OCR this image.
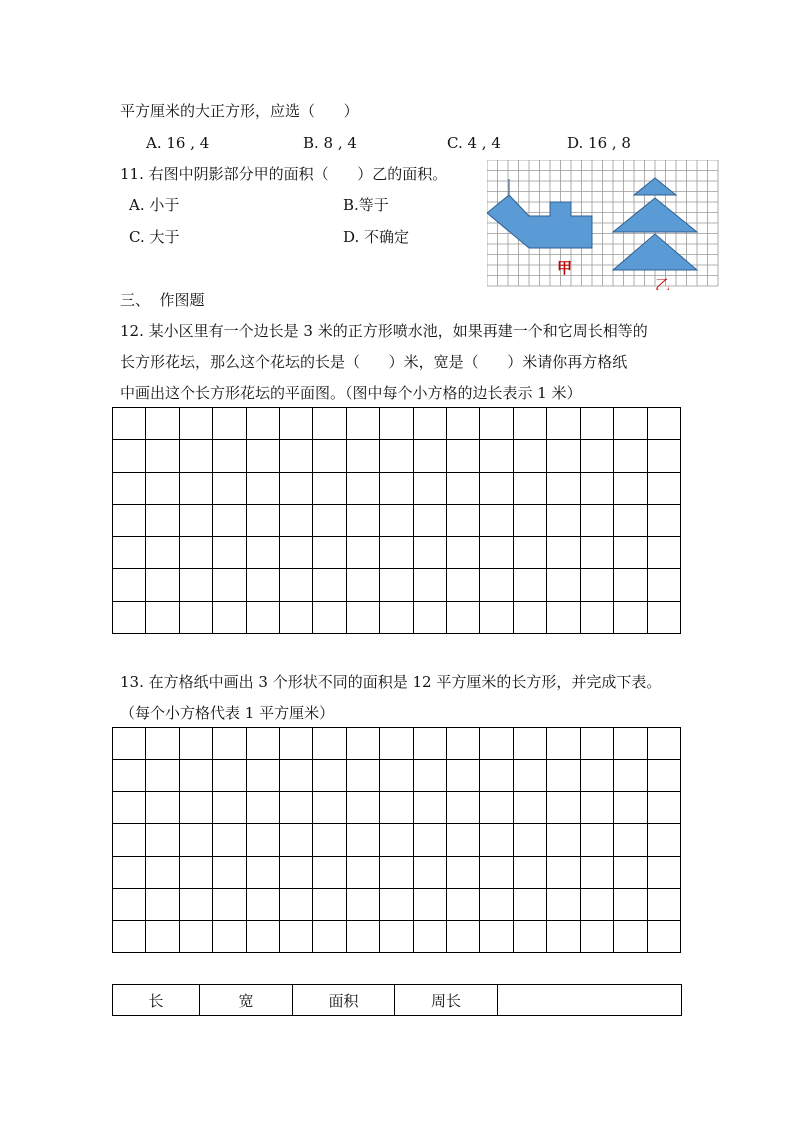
平方厘米的大正方形，应选（      ）
A. 16 , 4	B. 8 , 4	C. 4 , 4	D. 16 , 8
11. 右图中阴影部分甲的面积（      ）乙的面积。
A. 小于	B.等于
C. 大于	D. 不确定
甲
乙
三、  作图题
12. 某小区里有一个边长是 3 米的正方形喷水池，如果再建一个和它周长相等的
长方形花坛，那么这个花坛的长是（      ）米，宽是（      ）米请你再方格纸
中画出这个长方形花坛的平面图。（图中每个小方格的边长表示 1 米）

13. 在方格纸中画出 3 个形状不同的面积是 12 平方厘米的长方形，并完成下表。
（每个小方格代表 1 平方厘米）

长	宽	面积	周长	
